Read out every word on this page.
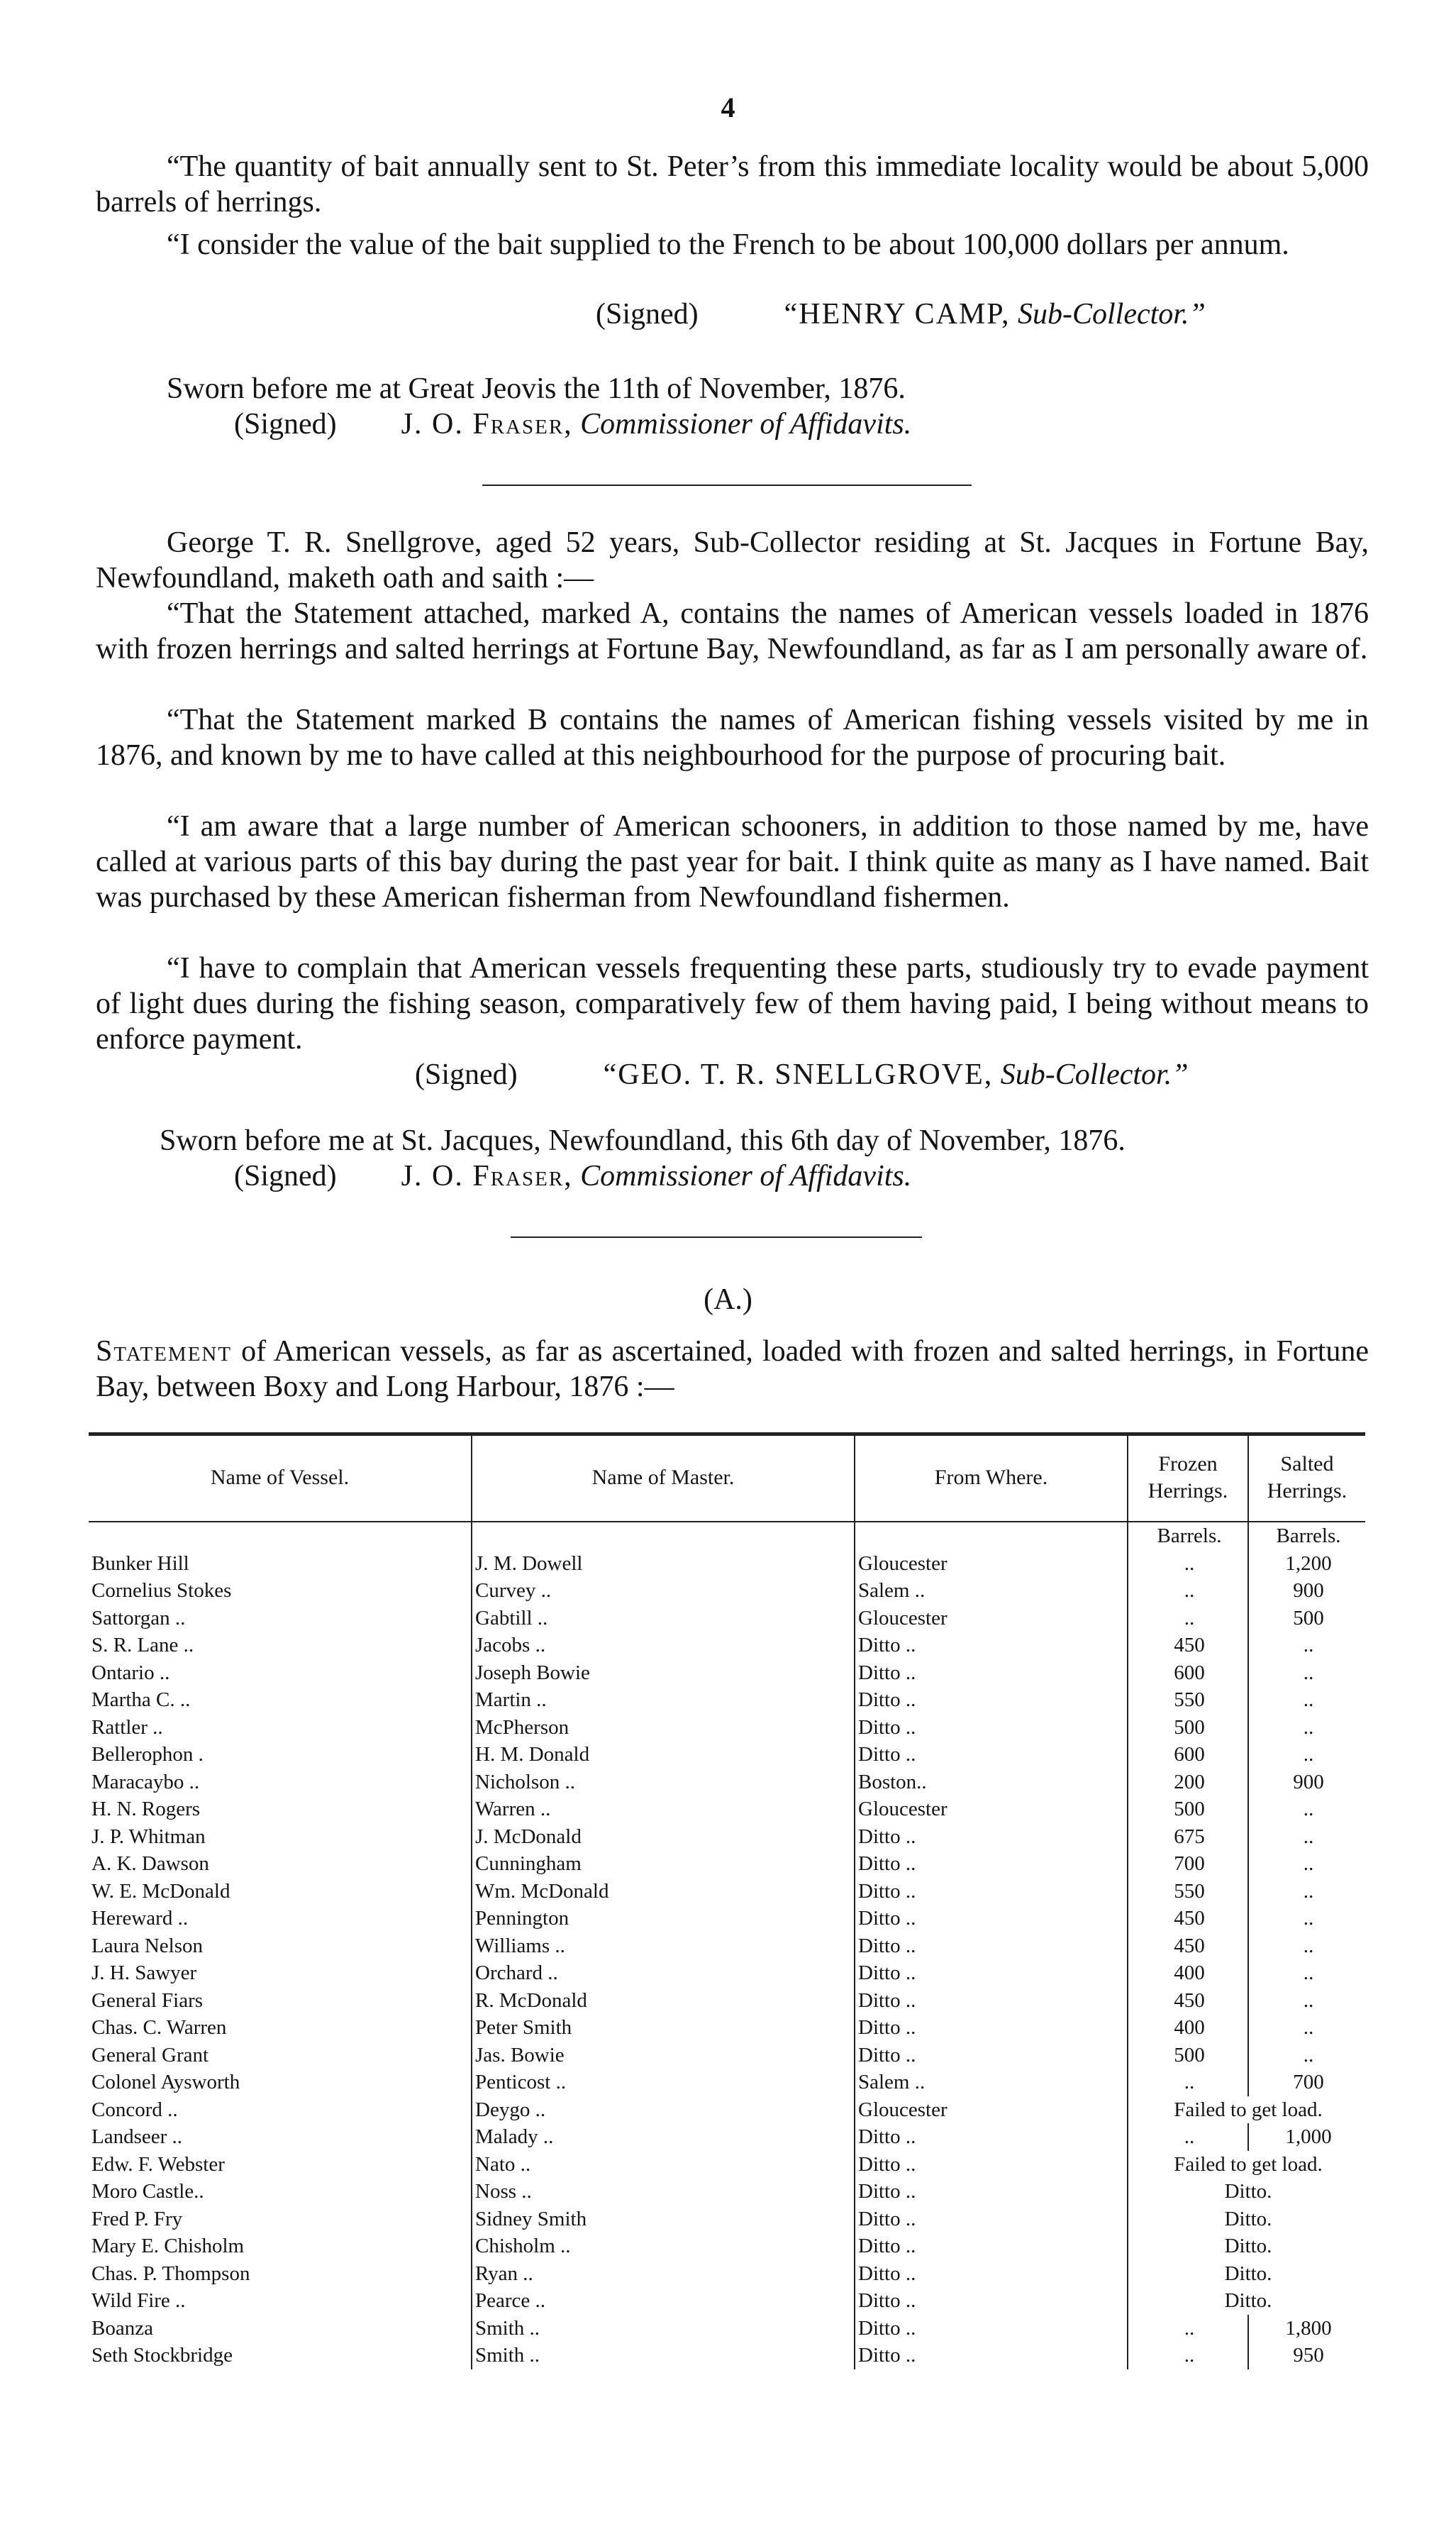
4

“The quantity of bait annually sent to St. Peter’s from this immediate locality would be about 5,000 barrels of herrings.

“I consider the value of the bait supplied to the French to be about 100,000 dollars per annum.

(Signed)	“HENRY CAMP, Sub-Collector.”
Sworn before me at Great Jeovis the 11th of November, 1876.
(Signed) J. O. Fraser, Commissioner of Affidavits.

George T. R. Snellgrove, aged 52 years, Sub-Collector residing at St. Jacques in Fortune Bay, Newfoundland, maketh oath and saith :—

“That the Statement attached, marked A, contains the names of American vessels loaded in 1876 with frozen herrings and salted herrings at Fortune Bay, Newfoundland, as far as I am personally aware of.

“That the Statement marked B contains the names of American fishing vessels visited by me in 1876, and known by me to have called at this neighbourhood for the purpose of procuring bait.

“I am aware that a large number of American schooners, in addition to those named by me, have called at various parts of this bay during the past year for bait. I think quite as many as I have named. Bait was purchased by these American fisherman from Newfoundland fishermen.

“I have to complain that American vessels frequenting these parts, studiously try to evade payment of light dues during the fishing season, comparatively few of them having paid, I being without means to enforce payment.

(Signed)	“GEO. T. R. SNELLGROVE, Sub-Collector.”
Sworn before me at St. Jacques, Newfoundland, this 6th day of November, 1876.
(Signed) J. O. Fraser, Commissioner of Affidavits.
(A.)

Statement of American vessels, as far as ascertained, loaded with frozen and salted herrings, in Fortune Bay, between Boxy and Long Harbour, 1876 :—

Name of Vessel.	Name of Master.	From Where.	Frozen Herrings.	Salted Herrings.
			Barrels.	Barrels.
Bunker Hill	J. M. Dowell	Gloucester	..	1,200
Cornelius Stokes	Curvey ..	Salem ..	..	900
Sattorgan ..	Gabtill ..	Gloucester	..	500
S. R. Lane ..	Jacobs ..	Ditto ..	450	..
Ontario ..	Joseph Bowie	Ditto ..	600	..
Martha C. ..	Martin ..	Ditto ..	550	..
Rattler ..	McPherson	Ditto ..	500	..
Bellerophon .	H. M. Donald	Ditto ..	600	..
Maracaybo ..	Nicholson ..	Boston..	200	900
H. N. Rogers	Warren ..	Gloucester	500	..
J. P. Whitman	J. McDonald	Ditto ..	675	..
A. K. Dawson	Cunningham	Ditto ..	700	..
W. E. McDonald	Wm. McDonald	Ditto ..	550	..
Hereward ..	Pennington	Ditto ..	450	..
Laura Nelson	Williams ..	Ditto ..	450	..
J. H. Sawyer	Orchard ..	Ditto ..	400	..
General Fiars	R. McDonald	Ditto ..	450	..
Chas. C. Warren	Peter Smith	Ditto ..	400	..
General Grant	Jas. Bowie	Ditto ..	500	..
Colonel Aysworth	Penticost ..	Salem ..	..	700
Concord ..	Deygo ..	Gloucester	Failed to get load.	
Landseer ..	Malady ..	Ditto ..	..	1,000
Edw. F. Webster	Nato ..	Ditto ..	Failed to get load.	
Moro Castle..	Noss ..	Ditto ..	Ditto.	
Fred P. Fry	Sidney Smith	Ditto ..	Ditto.	
Mary E. Chisholm	Chisholm ..	Ditto ..	Ditto.	
Chas. P. Thompson	Ryan ..	Ditto ..	Ditto.	
Wild Fire ..	Pearce ..	Ditto ..	Ditto.	
Boanza	Smith ..	Ditto ..	..	1,800
Seth Stockbridge	Smith ..	Ditto ..	..	950
